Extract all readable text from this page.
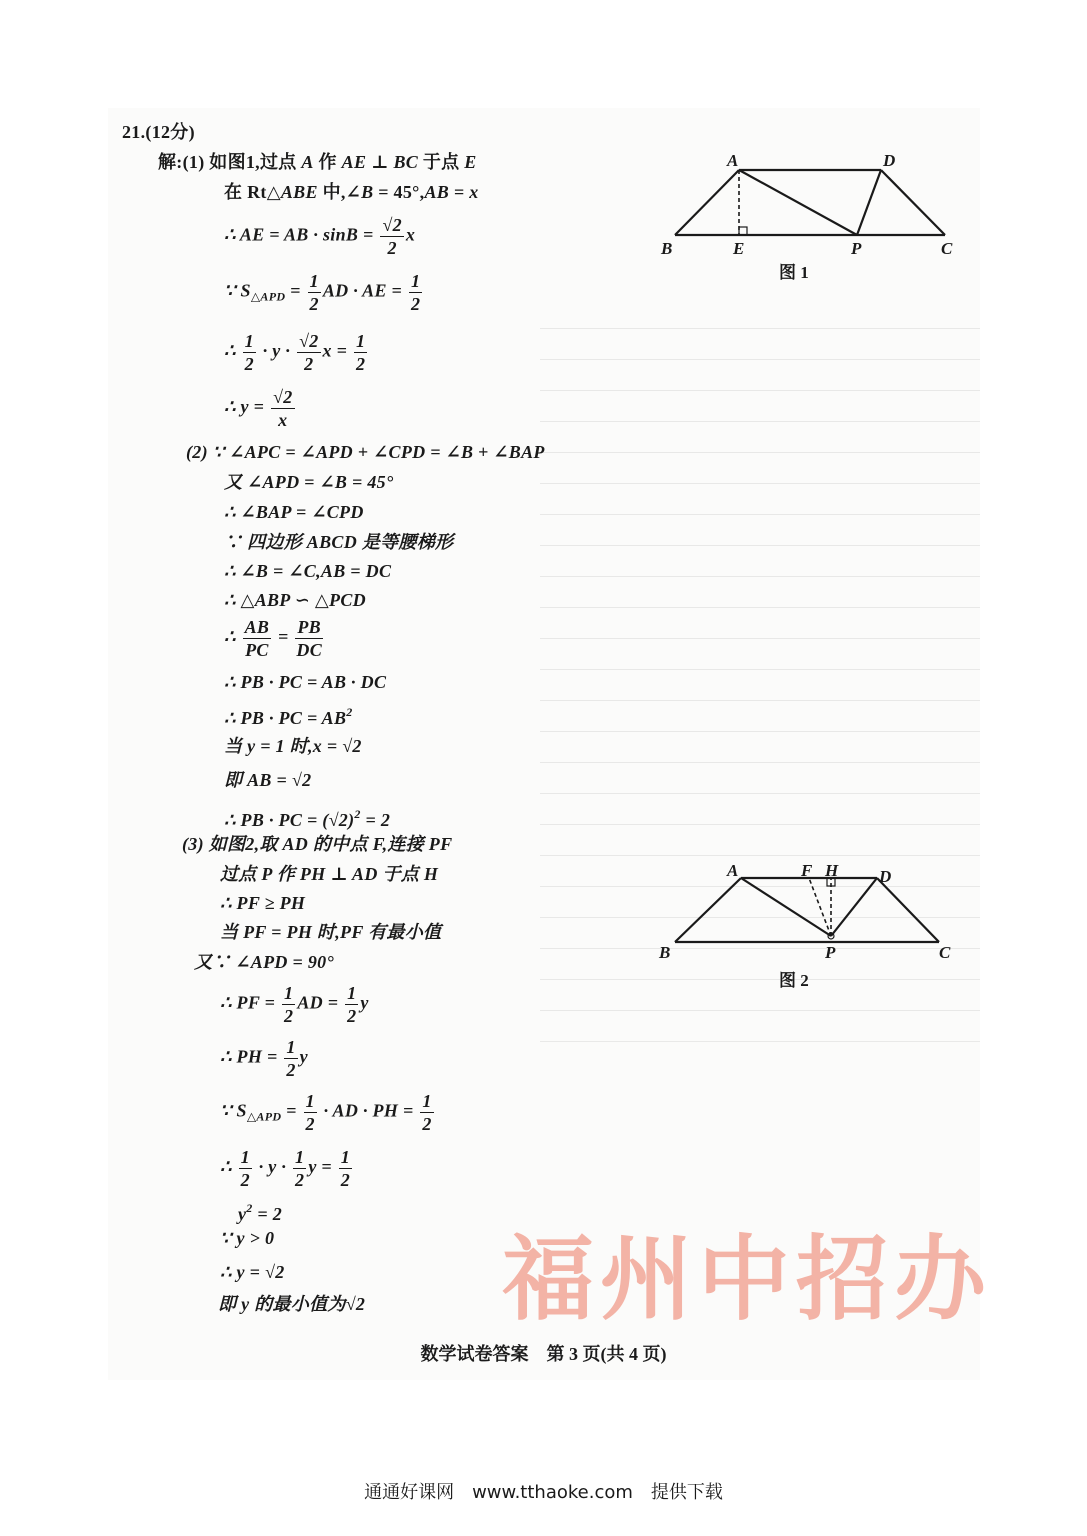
21.(12分)
解:(1) 如图1,过点 A 作 AE ⊥ BC 于点 E
在 Rt△ABE 中,∠B = 45°,AB = x
∴ AE = AB · $\sin B = \frac{√2}{2}$ x
∵ $S_{\triangle APD} = \frac{1}{2}$ AD · AE = $\frac{1}{2}$
∴ $\frac{1}{2} \cdot y \cdot \frac{√2}{2}$ $x = \frac{1}{2}$
∴ $y = \frac{√2}{x}$
A	D
B	E	P	C
图 1
(2) ∵ ∠APC = ∠APD + ∠CPD = ∠B + ∠BAP
又 ∠APD = ∠B = 45°
∴ ∠BAP = ∠CPD
∵ 四边形 ABCD 是等腰梯形
∴ ∠B = ∠C,AB = DC
∴ △ABP ∽ △PCD
∴ $\frac{AB}{PC} = \frac{PB}{DC}$
∴ PB · PC = AB · DC
∴ PB · PC = $AB^2$
当 y = 1 时,x = √2
即 AB = √2
∴ PB · PC = $(√2)^2 = 2$
(3) 如图2,取 AD 的中点 F,连接 PF
过点 P 作 PH ⊥ AD 于点 H
∴ PF ≥ PH
当 PF = PH 时,PF 有最小值
又∵ ∠APD = 90°
∴ PF = $\frac{1}{2}$ AD = $\frac{1}{2}$ y
∴ PH = $\frac{1}{2}$ y
∵ $S_{\triangle APD} = \frac{1}{2}$ · AD · PH = $\frac{1}{2}$
∴ $\frac{1}{2} \cdot y \cdot \frac{1}{2}$ $y = \frac{1}{2}$
$y^2 = 2$
∵ y > 0
∴ y = √2
即 y 的最小值为√2
A	F H D
B	P	C
图 2
福州中招办
数学试卷答案　第 3 页(共 4 页)
通通好课网　www.tthaoke.com　提供下载
